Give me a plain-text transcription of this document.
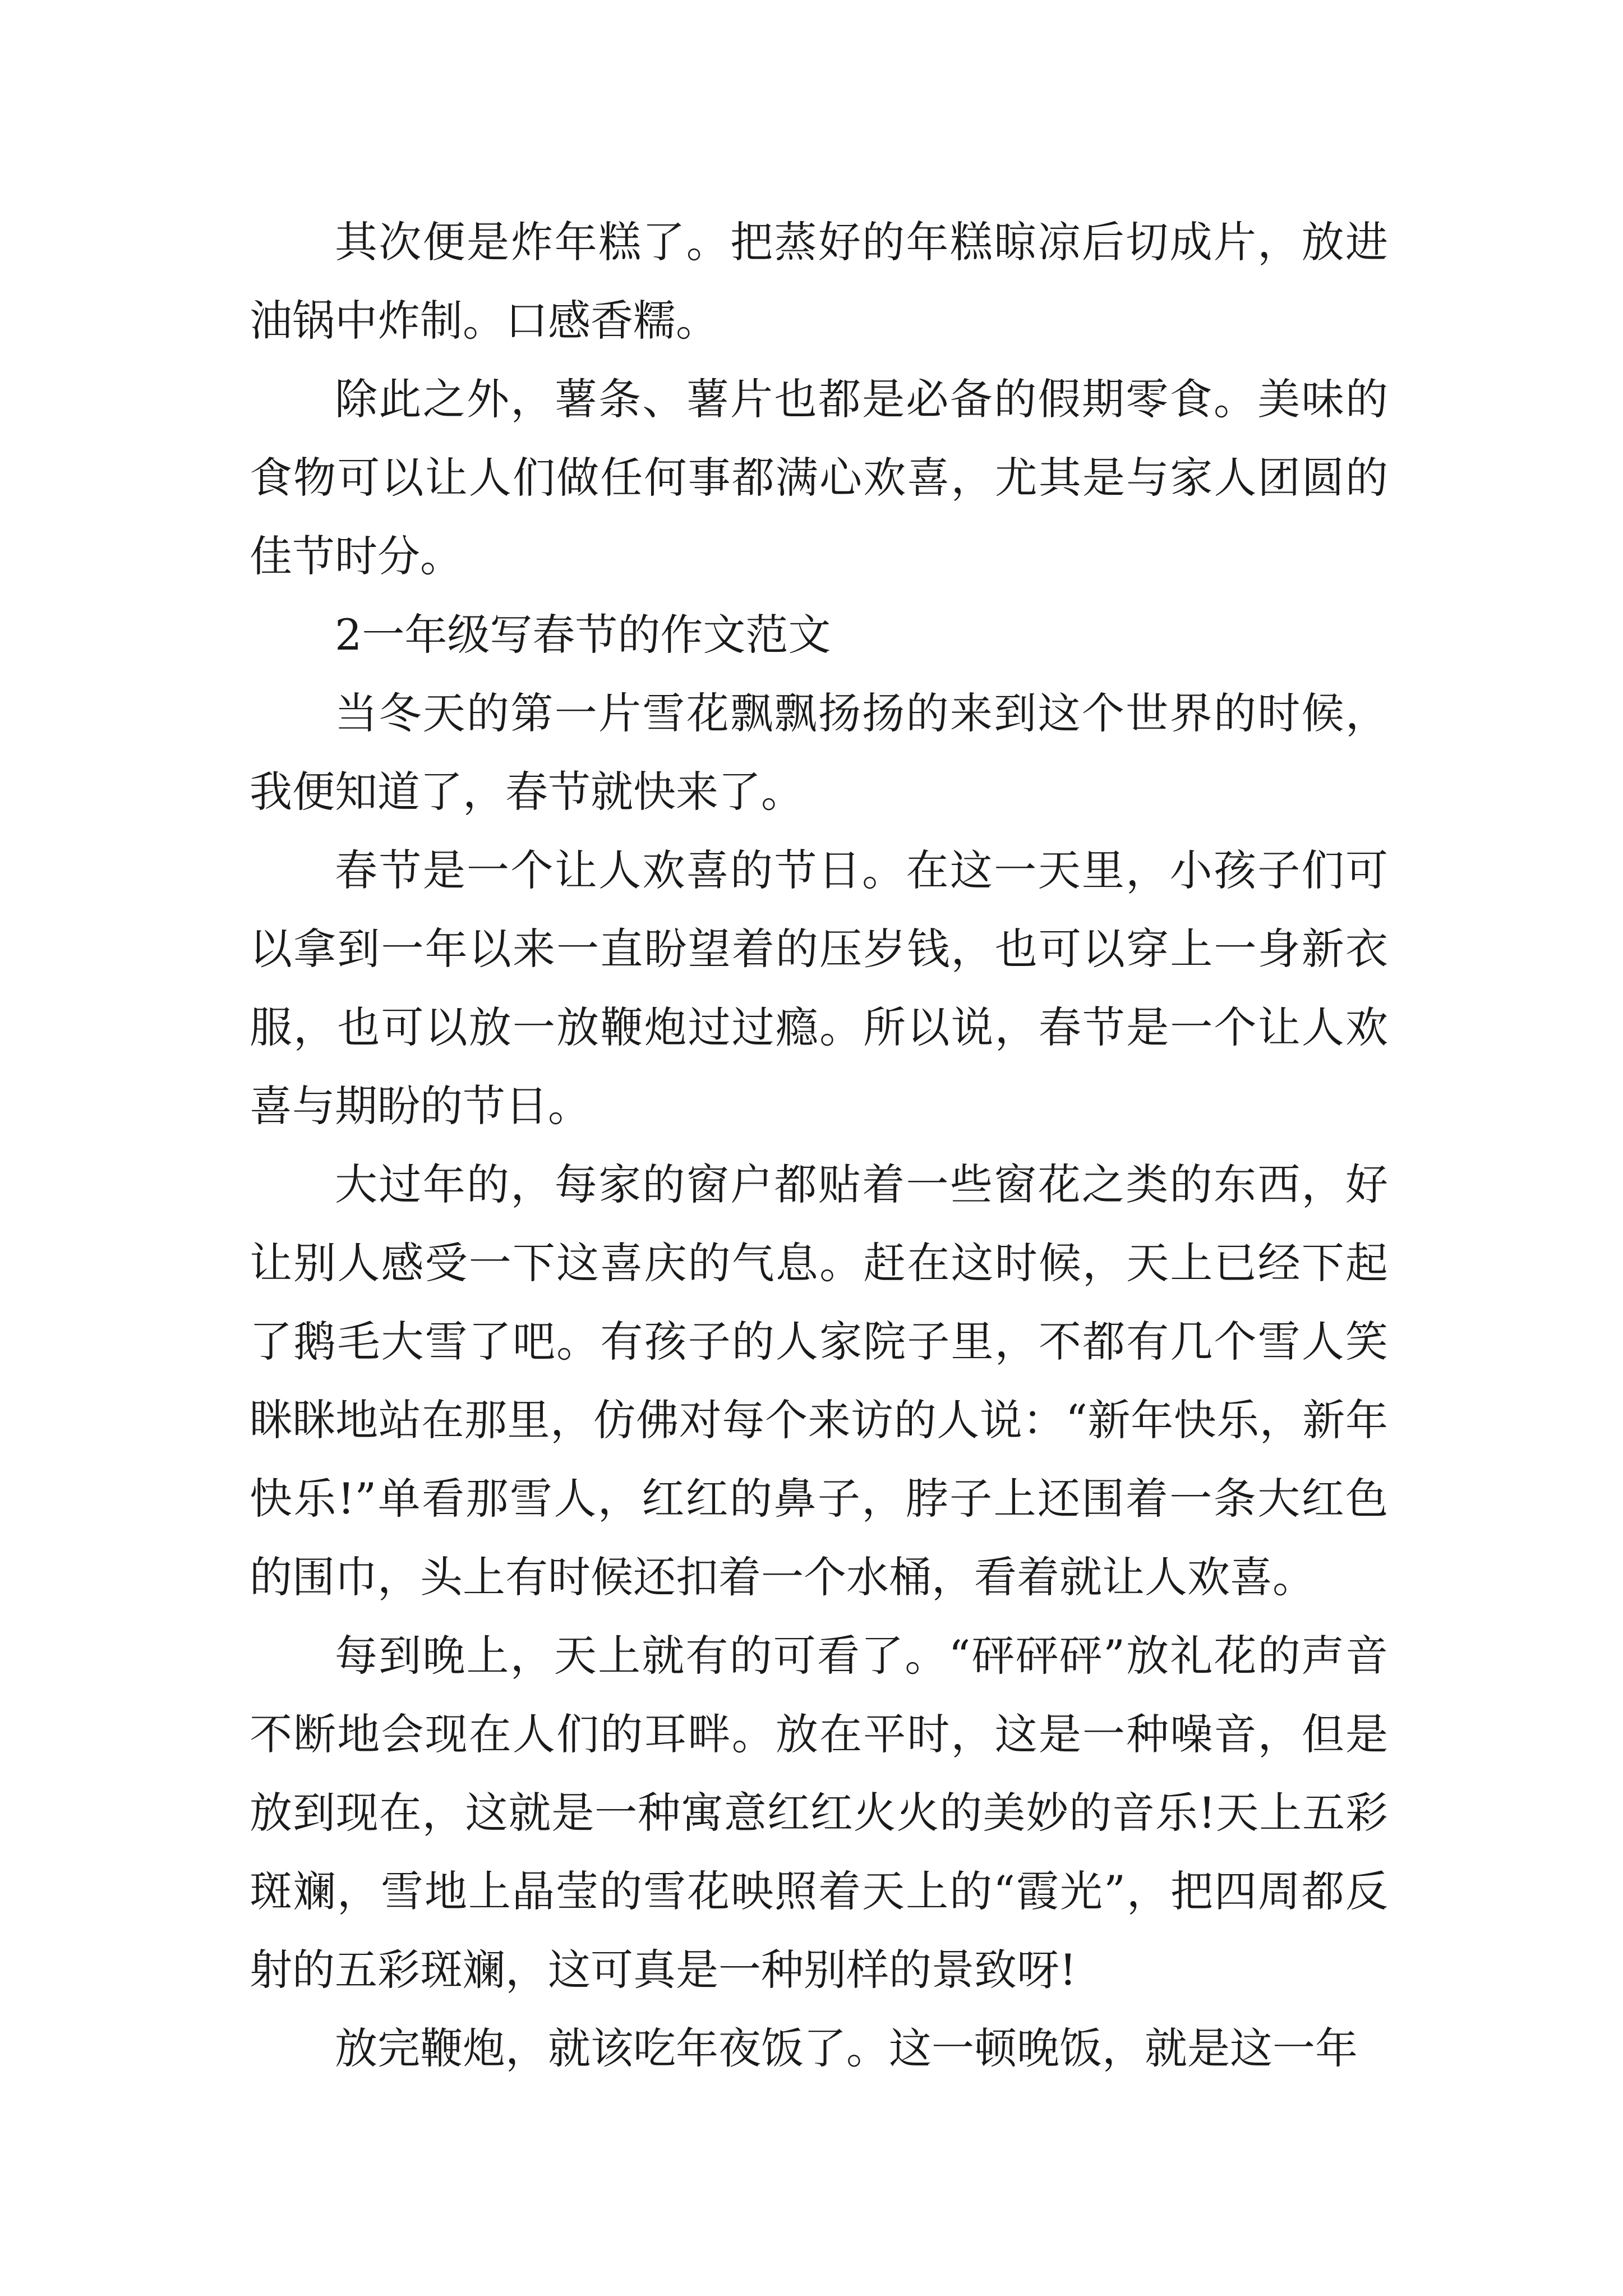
其次便是炸年糕了。把蒸好的年糕晾凉后切成片，放进油锅中炸制。口感香糯。

除此之外，薯条、薯片也都是必备的假期零食。美味的食物可以让人们做任何事都满心欢喜，尤其是与家人团圆的佳节时分。

2一年级写春节的作文范文

当冬天的第一片雪花飘飘扬扬的来到这个世界的时候，我便知道了，春节就快来了。

春节是一个让人欢喜的节日。在这一天里，小孩子们可以拿到一年以来一直盼望着的压岁钱，也可以穿上一身新衣服，也可以放一放鞭炮过过瘾。所以说，春节是一个让人欢喜与期盼的节日。

大过年的，每家的窗户都贴着一些窗花之类的东西，好让别人感受一下这喜庆的气息。赶在这时候，天上已经下起了鹅毛大雪了吧。有孩子的人家院子里，不都有几个雪人笑眯眯地站在那里，仿佛对每个来访的人说：“新年快乐，新年快乐!”单看那雪人，红红的鼻子，脖子上还围着一条大红色的围巾，头上有时候还扣着一个水桶，看着就让人欢喜。

每到晚上，天上就有的可看了。“砰砰砰”放礼花的声音不断地会现在人们的耳畔。放在平时，这是一种噪音，但是放到现在，这就是一种寓意红红火火的美妙的音乐!天上五彩斑斓，雪地上晶莹的雪花映照着天上的“霞光”，把四周都反射的五彩斑斓，这可真是一种别样的景致呀!

放完鞭炮，就该吃年夜饭了。这一顿晚饭，就是这一年
